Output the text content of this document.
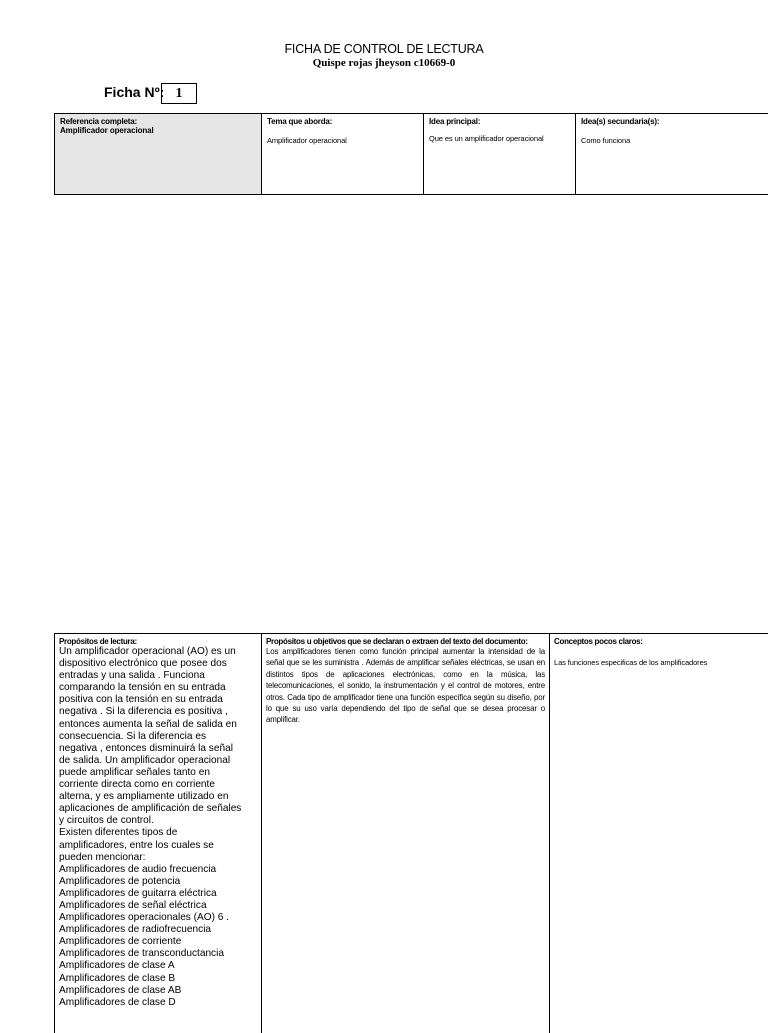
FICHA DE CONTROL DE LECTURA
Quispe rojas jheyson c10669-0
Ficha Nº: 1
Referencia completa:
Amplificador operacional
Tema que aborda:
Amplificador operacional
Idea principal:
Que es un amplificador operacional
Idea(s) secundaria(s):
Como funciona
Propósitos de lectura:
Un amplificador operacional (AO) es un
dispositivo electrónico que posee dos
entradas y una salida . Funciona
comparando la tensión en su entrada
positiva con la tensión en su entrada
negativa . Si la diferencia es positiva ,
entonces aumenta la señal de salida en
consecuencia. Si la diferencia es
negativa , entonces disminuirá la señal
de salida. Un amplificador operacional
puede amplificar señales tanto en
corriente directa como en corriente
alterna, y es ampliamente utilizado en
aplicaciones de amplificación de señales
y circuitos de control.
Existen diferentes tipos de
amplificadores, entre los cuales se
pueden mencionar:
Amplificadores de audio frecuencia
Amplificadores de potencia
Amplificadores de guitarra eléctrica
Amplificadores de señal eléctrica
Amplificadores operacionales (AO) 6 .
Amplificadores de radiofrecuencia
Amplificadores de corriente
Amplificadores de transconductancia
Amplificadores de clase A
Amplificadores de clase B
Amplificadores de clase AB
Amplificadores de clase D
Propósitos u objetivos que se declaran o extraen del texto del documento:
Los amplificadores tienen como función principal aumentar la intensidad de la señal que se les suministra . Además de amplificar señales eléctricas, se usan en distintos tipos de aplicaciones electrónicas, como en la música, las telecomunicaciones, el sonido, la instrumentación y el control de motores, entre otros. Cada tipo de amplificador tiene una función específica según su diseño, por lo que su uso varía dependiendo del tipo de señal que se desea procesar o amplificar.
Conceptos pocos claros:
Las funciones especificas de los amplificadores
